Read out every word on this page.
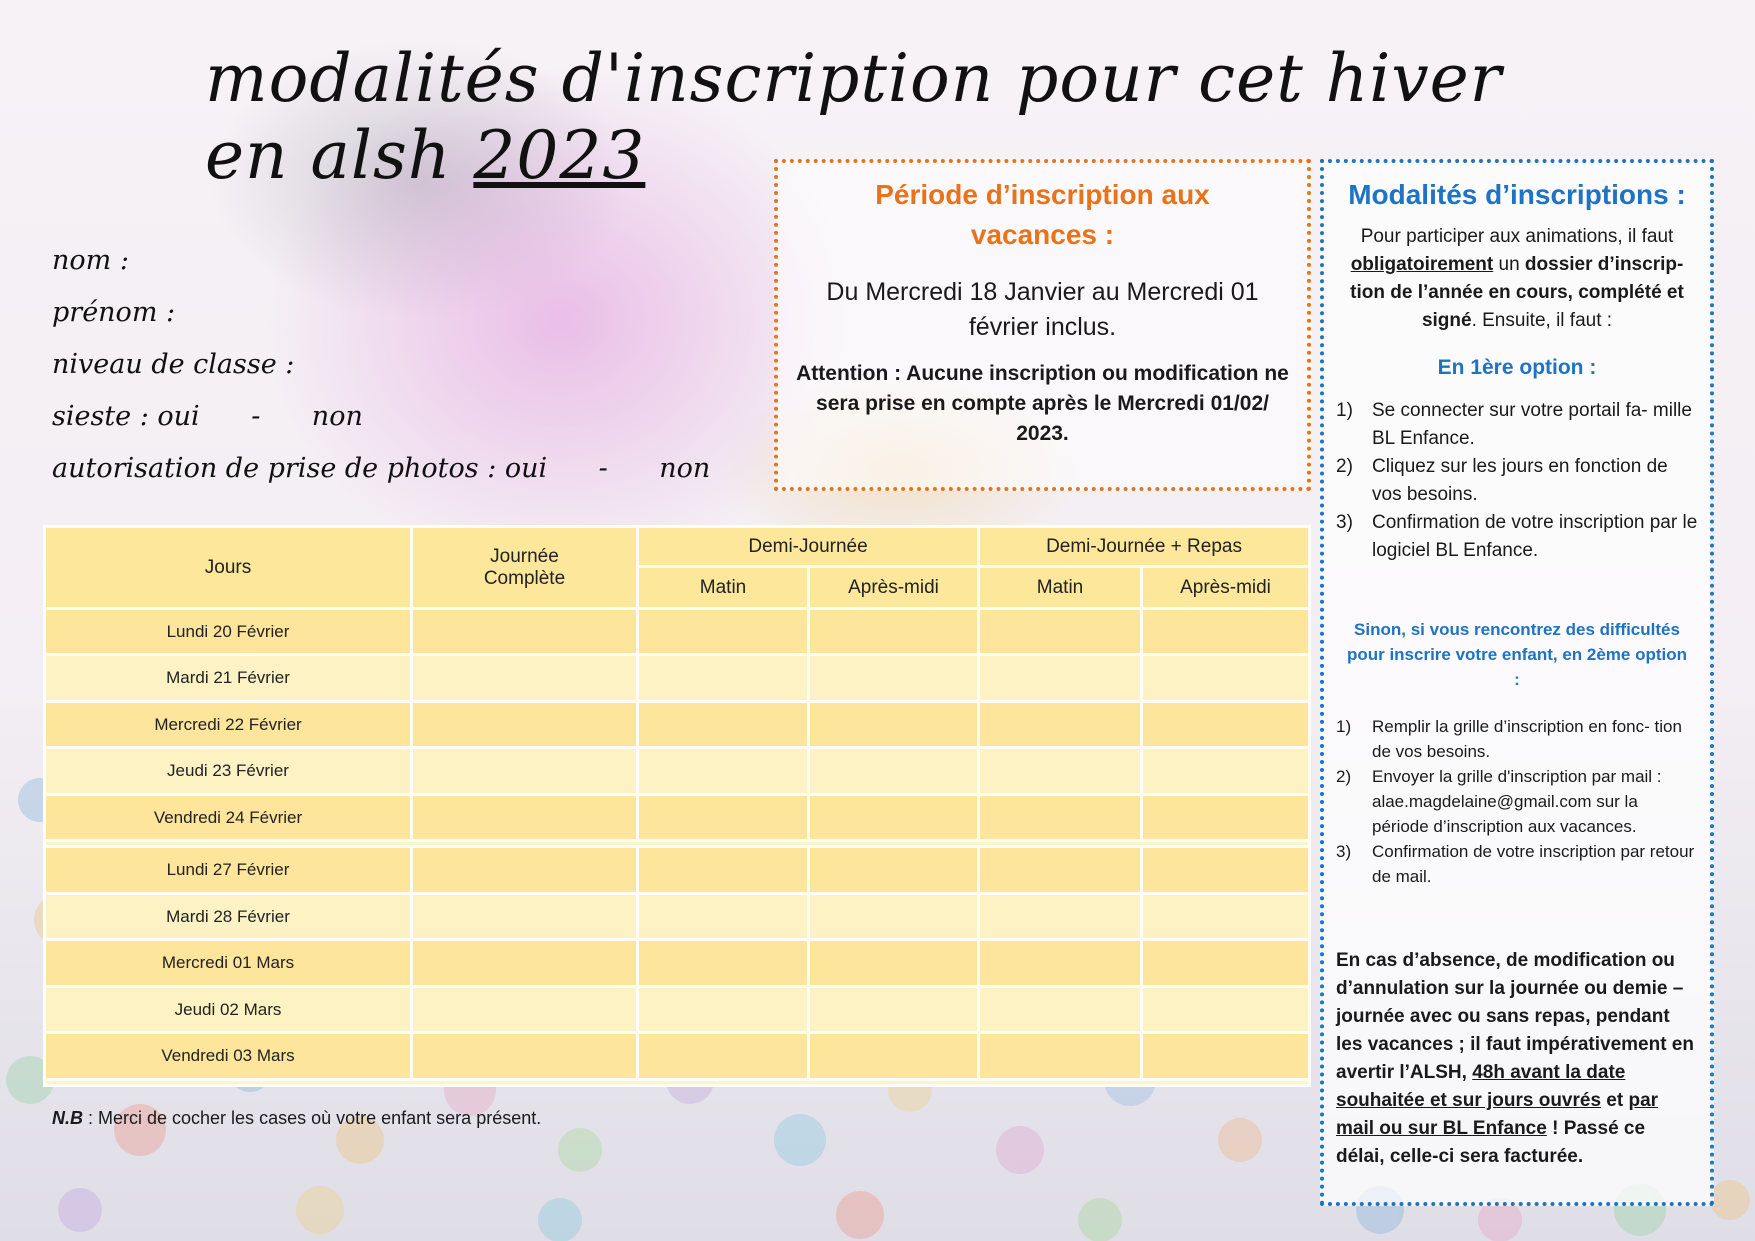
modalités d'inscription pour cet hiver en alsh 2023
nom :
prénom :
niveau de classe :
sieste : oui      -      non
autorisation de prise de photos : oui      -      non
Période d’inscription aux vacances :
Du Mercredi 18 Janvier au Mercredi 01 février inclus.
Attention : Aucune inscription ou modification ne sera prise en compte après le Mercredi 01/02/ 2023.
Modalités d’inscriptions :
Pour participer aux animations, il faut obligatoirement un dossier d’inscrip- tion de l’année en cours, complété et signé. Ensuite, il faut :
En 1ère option :
1)	Se connecter sur votre portail fa- mille BL Enfance.
2)	Cliquez sur les jours en fonction de vos besoins.
3)	Confirmation de votre inscription par le logiciel BL Enfance.
Sinon, si vous rencontrez des difficultés pour inscrire votre enfant, en 2ème option :
1)	Remplir la grille d’inscription en fonc- tion de vos besoins.
2)	Envoyer la grille d'inscription par mail : alae.magdelaine@gmail.com sur la période d’inscription aux vacances.
3)	Confirmation de votre inscription par retour de mail.
En cas d’absence, de modification ou d’annulation sur la journée ou demie – journée avec ou sans repas, pendant les vacances ; il faut impérativement en avertir l’ALSH, 48h avant la date souhaitée et sur jours ouvrés et par mail ou sur BL Enfance ! Passé ce délai, celle-ci sera facturée.
Jours	Journée Complète	Demi-Journée		Demi-Journée + Repas	
		Matin	Après-midi	Matin	Après-midi
Lundi 20 Février					
Mardi 21 Février					
Mercredi 22 Février					
Jeudi 23 Février					
Vendredi 24 Février					

Lundi 27 Février					
Mardi 28 Février					
Mercredi 01 Mars					
Jeudi 02 Mars					
Vendredi 03 Mars					

N.B : Merci de cocher les cases où votre enfant sera présent.
